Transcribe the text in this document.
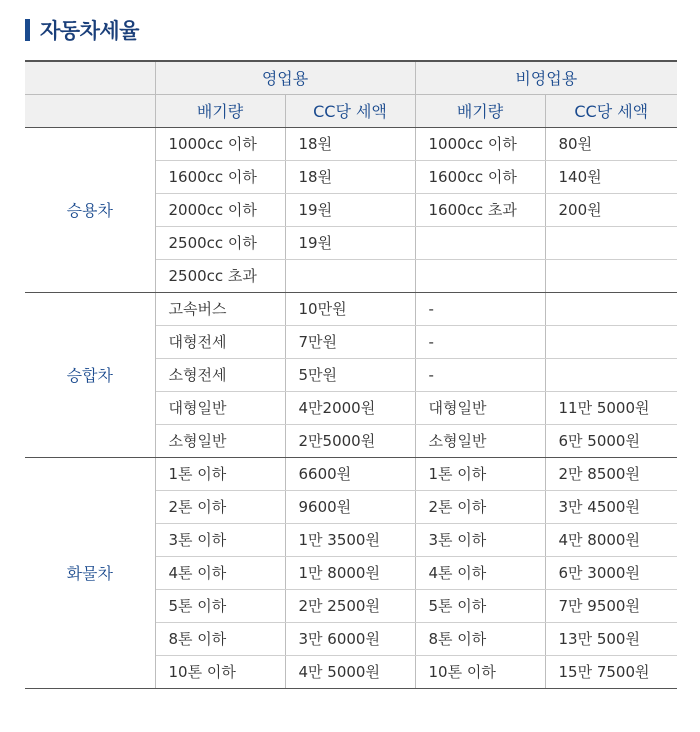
자동차세율
	영업용		비영업용	
	배기량	CC당 세액	배기량	CC당 세액
승용차	1000cc 이하	18원	1000cc 이하	80원
	1600cc 이하	18원	1600cc 이하	140원
	2000cc 이하	19원	1600cc 초과	200원
	2500cc 이하	19원		
	2500cc 초과			
승합차	고속버스	10만원	-	
	대형전세	7만원	-	
	소형전세	5만원	-	
	대형일반	4만2000원	대형일반	11만 5000원
	소형일반	2만5000원	소형일반	6만 5000원
화물차	1톤 이하	6600원	1톤 이하	2만 8500원
	2톤 이하	9600원	2톤 이하	3만 4500원
	3톤 이하	1만 3500원	3톤 이하	4만 8000원
	4톤 이하	1만 8000원	4톤 이하	6만 3000원
	5톤 이하	2만 2500원	5톤 이하	7만 9500원
	8톤 이하	3만 6000원	8톤 이하	13만 500원
	10톤 이하	4만 5000원	10톤 이하	15만 7500원
